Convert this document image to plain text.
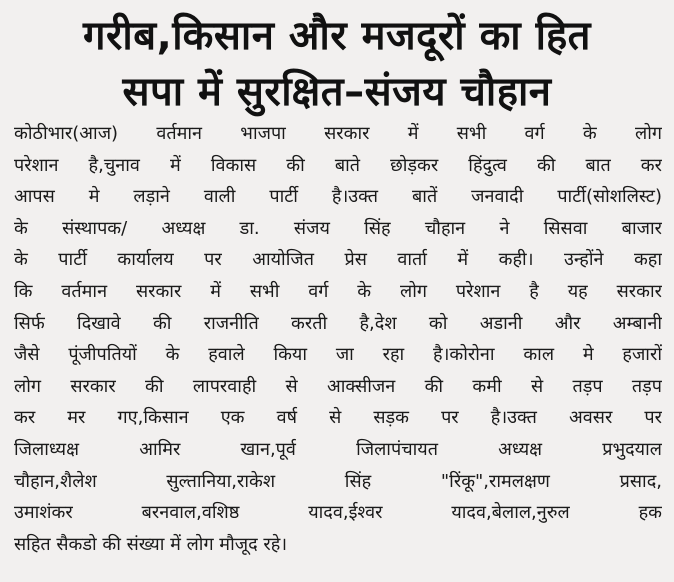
गरीब,किसान और मजदूरों का हित
सपा में सुरक्षित–संजय चौहान
कोठीभार(आज) वर्तमान भाजपा सरकार में सभी वर्ग के लोग
परेशान है,चुनाव में विकास की बाते छोड़कर हिंदुत्व की बात कर
आपस मे लड़ाने वाली पार्टी है।उक्त बातें जनवादी पार्टी(सोशलिस्ट)
के संस्थापक/ अध्यक्ष डा. संजय सिंह चौहान ने सिसवा बाजार
के पार्टी कार्यालय पर आयोजित प्रेस वार्ता में कही। उन्होंने कहा
कि वर्तमान सरकार में सभी वर्ग के लोग परेशान है यह सरकार
सिर्फ दिखावे की राजनीति करती है,देश को अडानी और अम्बानी
जैसे पूंजीपतियों के हवाले किया जा रहा है।कोरोना काल मे हजारों
लोग सरकार की लापरवाही से आक्सीजन की कमी से तड़प तड़प
कर मर गए,किसान एक वर्ष से सड़क पर है।उक्त अवसर पर
जिलाध्यक्ष आमिर खान,पूर्व जिलापंचायत अध्यक्ष प्रभुदयाल
चौहान,शैलेश सुल्तानिया,राकेश सिंह "रिंकू",रामलक्षण प्रसाद,
उमाशंकर बरनवाल,वशिष्ठ यादव,ईश्वर यादव,बेलाल,नुरुल हक
सहित सैकडो की संख्या में लोग मौजूद रहे।
